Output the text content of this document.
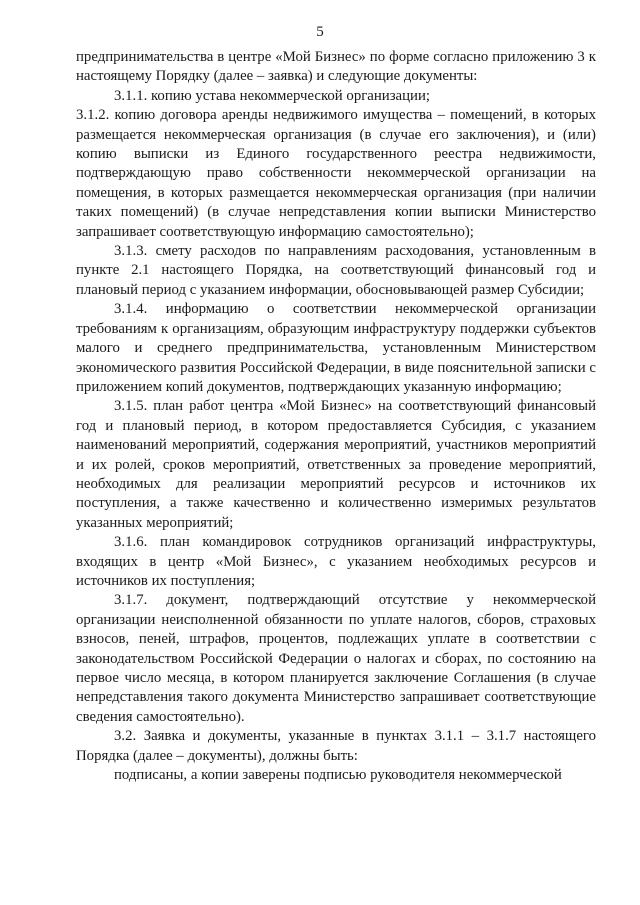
5

предпринимательства в центре «Мой Бизнес» по форме согласно приложению 3 к настоящему Порядку (далее – заявка) и следующие документы:

3.1.1. копию устава некоммерческой организации;

3.1.2. копию договора аренды недвижимого имущества – помещений, в которых размещается некоммерческая организация (в случае его заключения), и (или) копию выписки из Единого государственного реестра недвижимости, подтверждающую право собственности некоммерческой организации на помещения, в которых размещается некоммерческая организация (при наличии таких помещений) (в случае непредставления копии выписки Министерство запрашивает соответствующую информацию самостоятельно);

3.1.3. смету расходов по направлениям расходования, установленным в пункте 2.1 настоящего Порядка, на соответствующий финансовый год и плановый период с указанием информации, обосновывающей размер Субсидии;

3.1.4. информацию о соответствии некоммерческой организации требованиям к организациям, образующим инфраструктуру поддержки субъектов малого и среднего предпринимательства, установленным Министерством экономического развития Российской Федерации, в виде пояснительной записки с приложением копий документов, подтверждающих указанную информацию;

3.1.5. план работ центра «Мой Бизнес» на соответствующий финансовый год и плановый период, в котором предоставляется Субсидия, с указанием наименований мероприятий, содержания мероприятий, участников мероприятий и их ролей, сроков мероприятий, ответственных за проведение мероприятий, необходимых для реализации мероприятий ресурсов и источников их поступления, а также качественно и количественно измеримых результатов указанных мероприятий;

3.1.6. план командировок сотрудников организаций инфраструктуры, входящих в центр «Мой Бизнес», с указанием необходимых ресурсов и источников их поступления;

3.1.7. документ, подтверждающий отсутствие у некоммерческой организации неисполненной обязанности по уплате налогов, сборов, страховых взносов, пеней, штрафов, процентов, подлежащих уплате в соответствии с законодательством Российской Федерации о налогах и сборах, по состоянию на первое число месяца, в котором планируется заключение Соглашения (в случае непредставления такого документа Министерство запрашивает соответствующие сведения самостоятельно).

3.2. Заявка и документы, указанные в пунктах 3.1.1 – 3.1.7 настоящего Порядка (далее – документы), должны быть:

подписаны, а копии заверены подписью руководителя некоммерческой
